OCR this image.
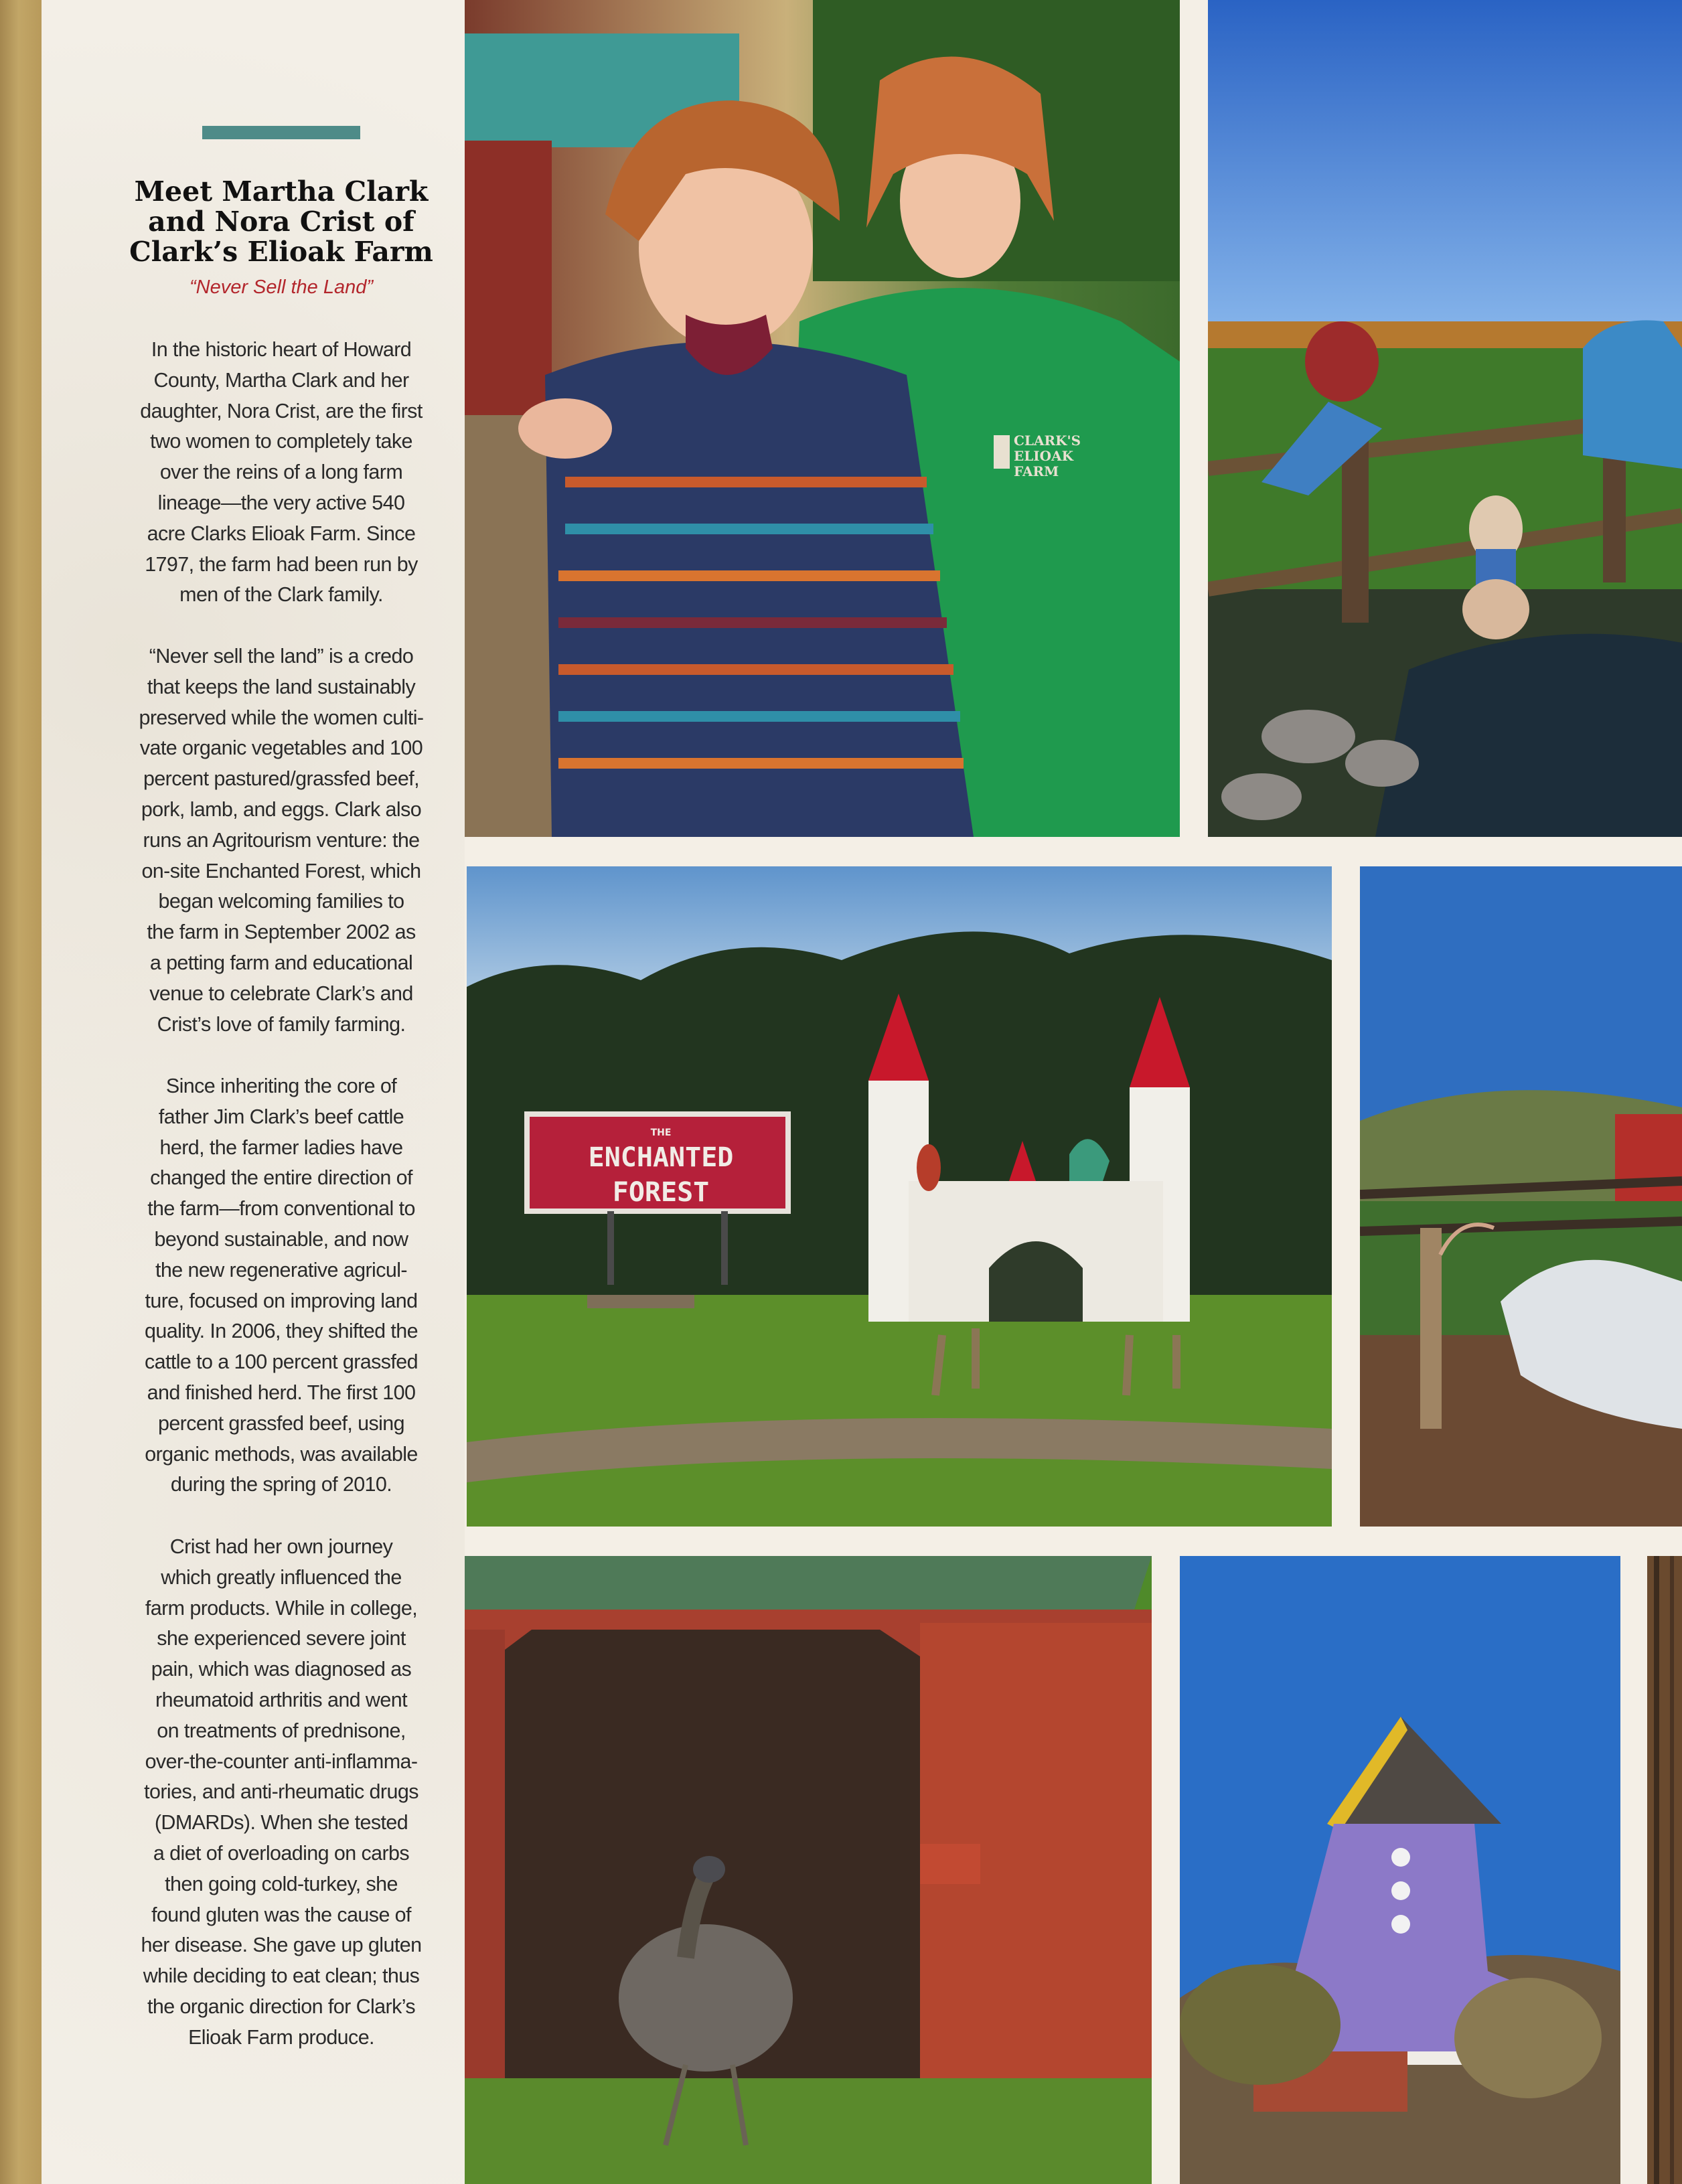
Meet Martha Clark
and Nora Crist of
Clark’s Elioak Farm
“Never Sell the Land”
In the historic heart of Howard
County, Martha Clark and her
daughter, Nora Crist, are the first
two women to completely take
over the reins of a long farm
lineage—the very active 540
acre Clarks Elioak Farm. Since
1797, the farm had been run by
men of the Clark family.
“Never sell the land” is a credo
that keeps the land sustainably
preserved while the women culti-
vate organic vegetables and 100
percent pastured/grassfed beef,
pork, lamb, and eggs. Clark also
runs an Agritourism venture: the
on-site Enchanted Forest, which
began welcoming families to
the farm in September 2002 as
a petting farm and educational
venue to celebrate Clark’s and
Crist’s love of family farming.
Since inheriting the core of
father Jim Clark’s beef cattle
herd, the farmer ladies have
changed the entire direction of
the farm—from conventional to
beyond sustainable, and now
the new regenerative agricul-
ture, focused on improving land
quality. In 2006, they shifted the
cattle to a 100 percent grassfed
and finished herd. The first 100
percent grassfed beef, using
organic methods, was available
during the spring of 2010.
Crist had her own journey
which greatly influenced the
farm products. While in college,
she experienced severe joint
pain, which was diagnosed as
rheumatoid arthritis and went
on treatments of prednisone,
over-the-counter anti-inflamma-
tories, and anti-rheumatic drugs
(DMARDs). When she tested
a diet of overloading on carbs
then going cold-turkey, she
found gluten was the cause of
her disease. She gave up gluten
while deciding to eat clean; thus
the organic direction for Clark’s
Elioak Farm produce.
CLARK'S
ELIOAK
FARM
THE
ENCHANTED
FOREST
